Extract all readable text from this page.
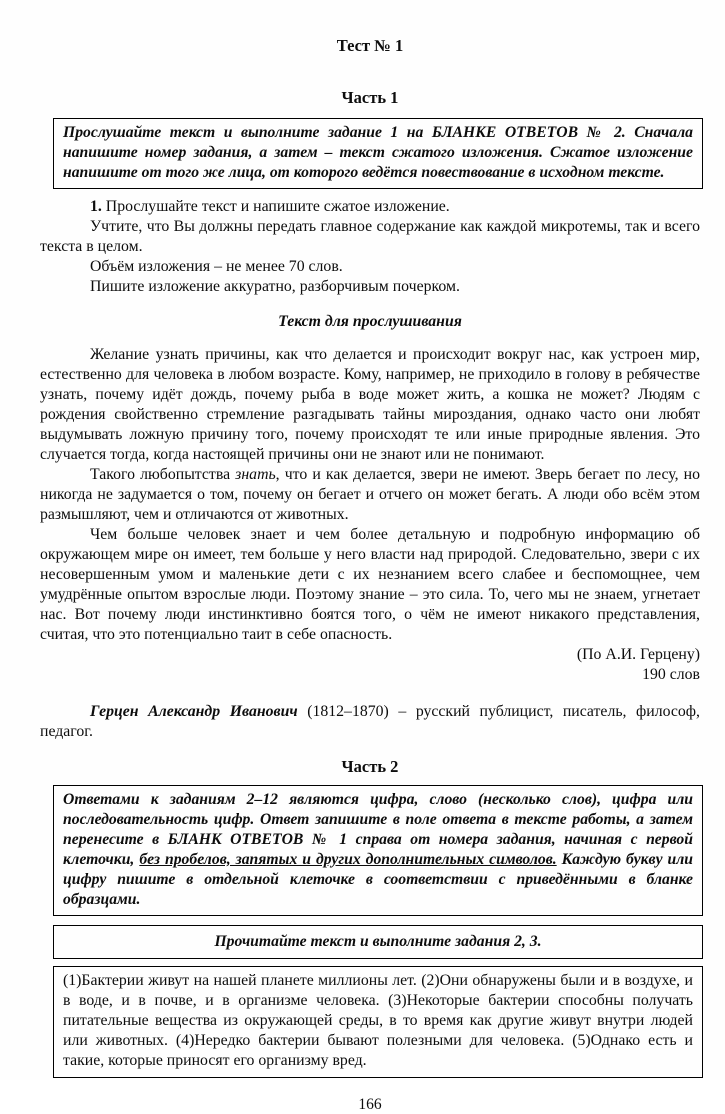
Тест № 1
Часть 1

Прослушайте текст и выполните задание 1 на БЛАНКЕ ОТВЕТОВ № 2. Сначала напишите номер задания, а затем – текст сжатого изложения. Сжатое изложение напишите от того же лица, от которого ведётся повествование в исходном тексте.

1. Прослушайте текст и напишите сжатое изложение.

Учтите, что Вы должны передать главное содержание как каждой микротемы, так и всего текста в целом.

Объём изложения – не менее 70 слов.

Пишите изложение аккуратно, разборчивым почерком.

Текст для прослушивания

Желание узнать причины, как что делается и происходит вокруг нас, как устроен мир, естественно для человека в любом возрасте. Кому, например, не приходило в голову в ребячестве узнать, почему идёт дождь, почему рыба в воде может жить, а кошка не может? Людям с рождения свойственно стремление разгадывать тайны мироздания, однако часто они любят выдумывать ложную причину того, почему происходят те или иные природные явления. Это случается тогда, когда настоящей причины они не знают или не понимают.

Такого любопытства знать, что и как делается, звери не имеют. Зверь бегает по лесу, но никогда не задумается о том, почему он бегает и отчего он может бегать. А люди обо всём этом размышляют, чем и отличаются от животных.

Чем больше человек знает и чем более детальную и подробную информацию об окружающем мире он имеет, тем больше у него власти над природой. Следовательно, звери с их несовершенным умом и маленькие дети с их незнанием всего слабее и беспомощнее, чем умудрённые опытом взрослые люди. Поэтому знание – это сила. То, чего мы не знаем, угнетает нас. Вот почему люди инстинктивно боятся того, о чём не имеют никакого представления, считая, что это потенциально таит в себе опасность.

(По А.И. Герцену)

190 слов

Герцен Александр Иванович (1812–1870) – русский публицист, писатель, философ, педагог.

Часть 2

Ответами к заданиям 2–12 являются цифра, слово (несколько слов), цифра или последовательность цифр. Ответ запишите в поле ответа в тексте работы, а затем перенесите в БЛАНК ОТВЕТОВ № 1 справа от номера задания, начиная с первой клеточки, без пробелов, запятых и других дополнительных символов. Каждую букву или цифру пишите в отдельной клеточке в соответствии с приведёнными в бланке образцами.

Прочитайте текст и выполните задания 2, 3.

(1)Бактерии живут на нашей планете миллионы лет. (2)Они обнаружены были и в воздухе, и в воде, и в почве, и в организме человека. (3)Некоторые бактерии способны получать питательные вещества из окружающей среды, в то время как другие живут внутри людей или животных. (4)Нередко бактерии бывают полезными для человека. (5)Однако есть и такие, которые приносят его организму вред.

166
